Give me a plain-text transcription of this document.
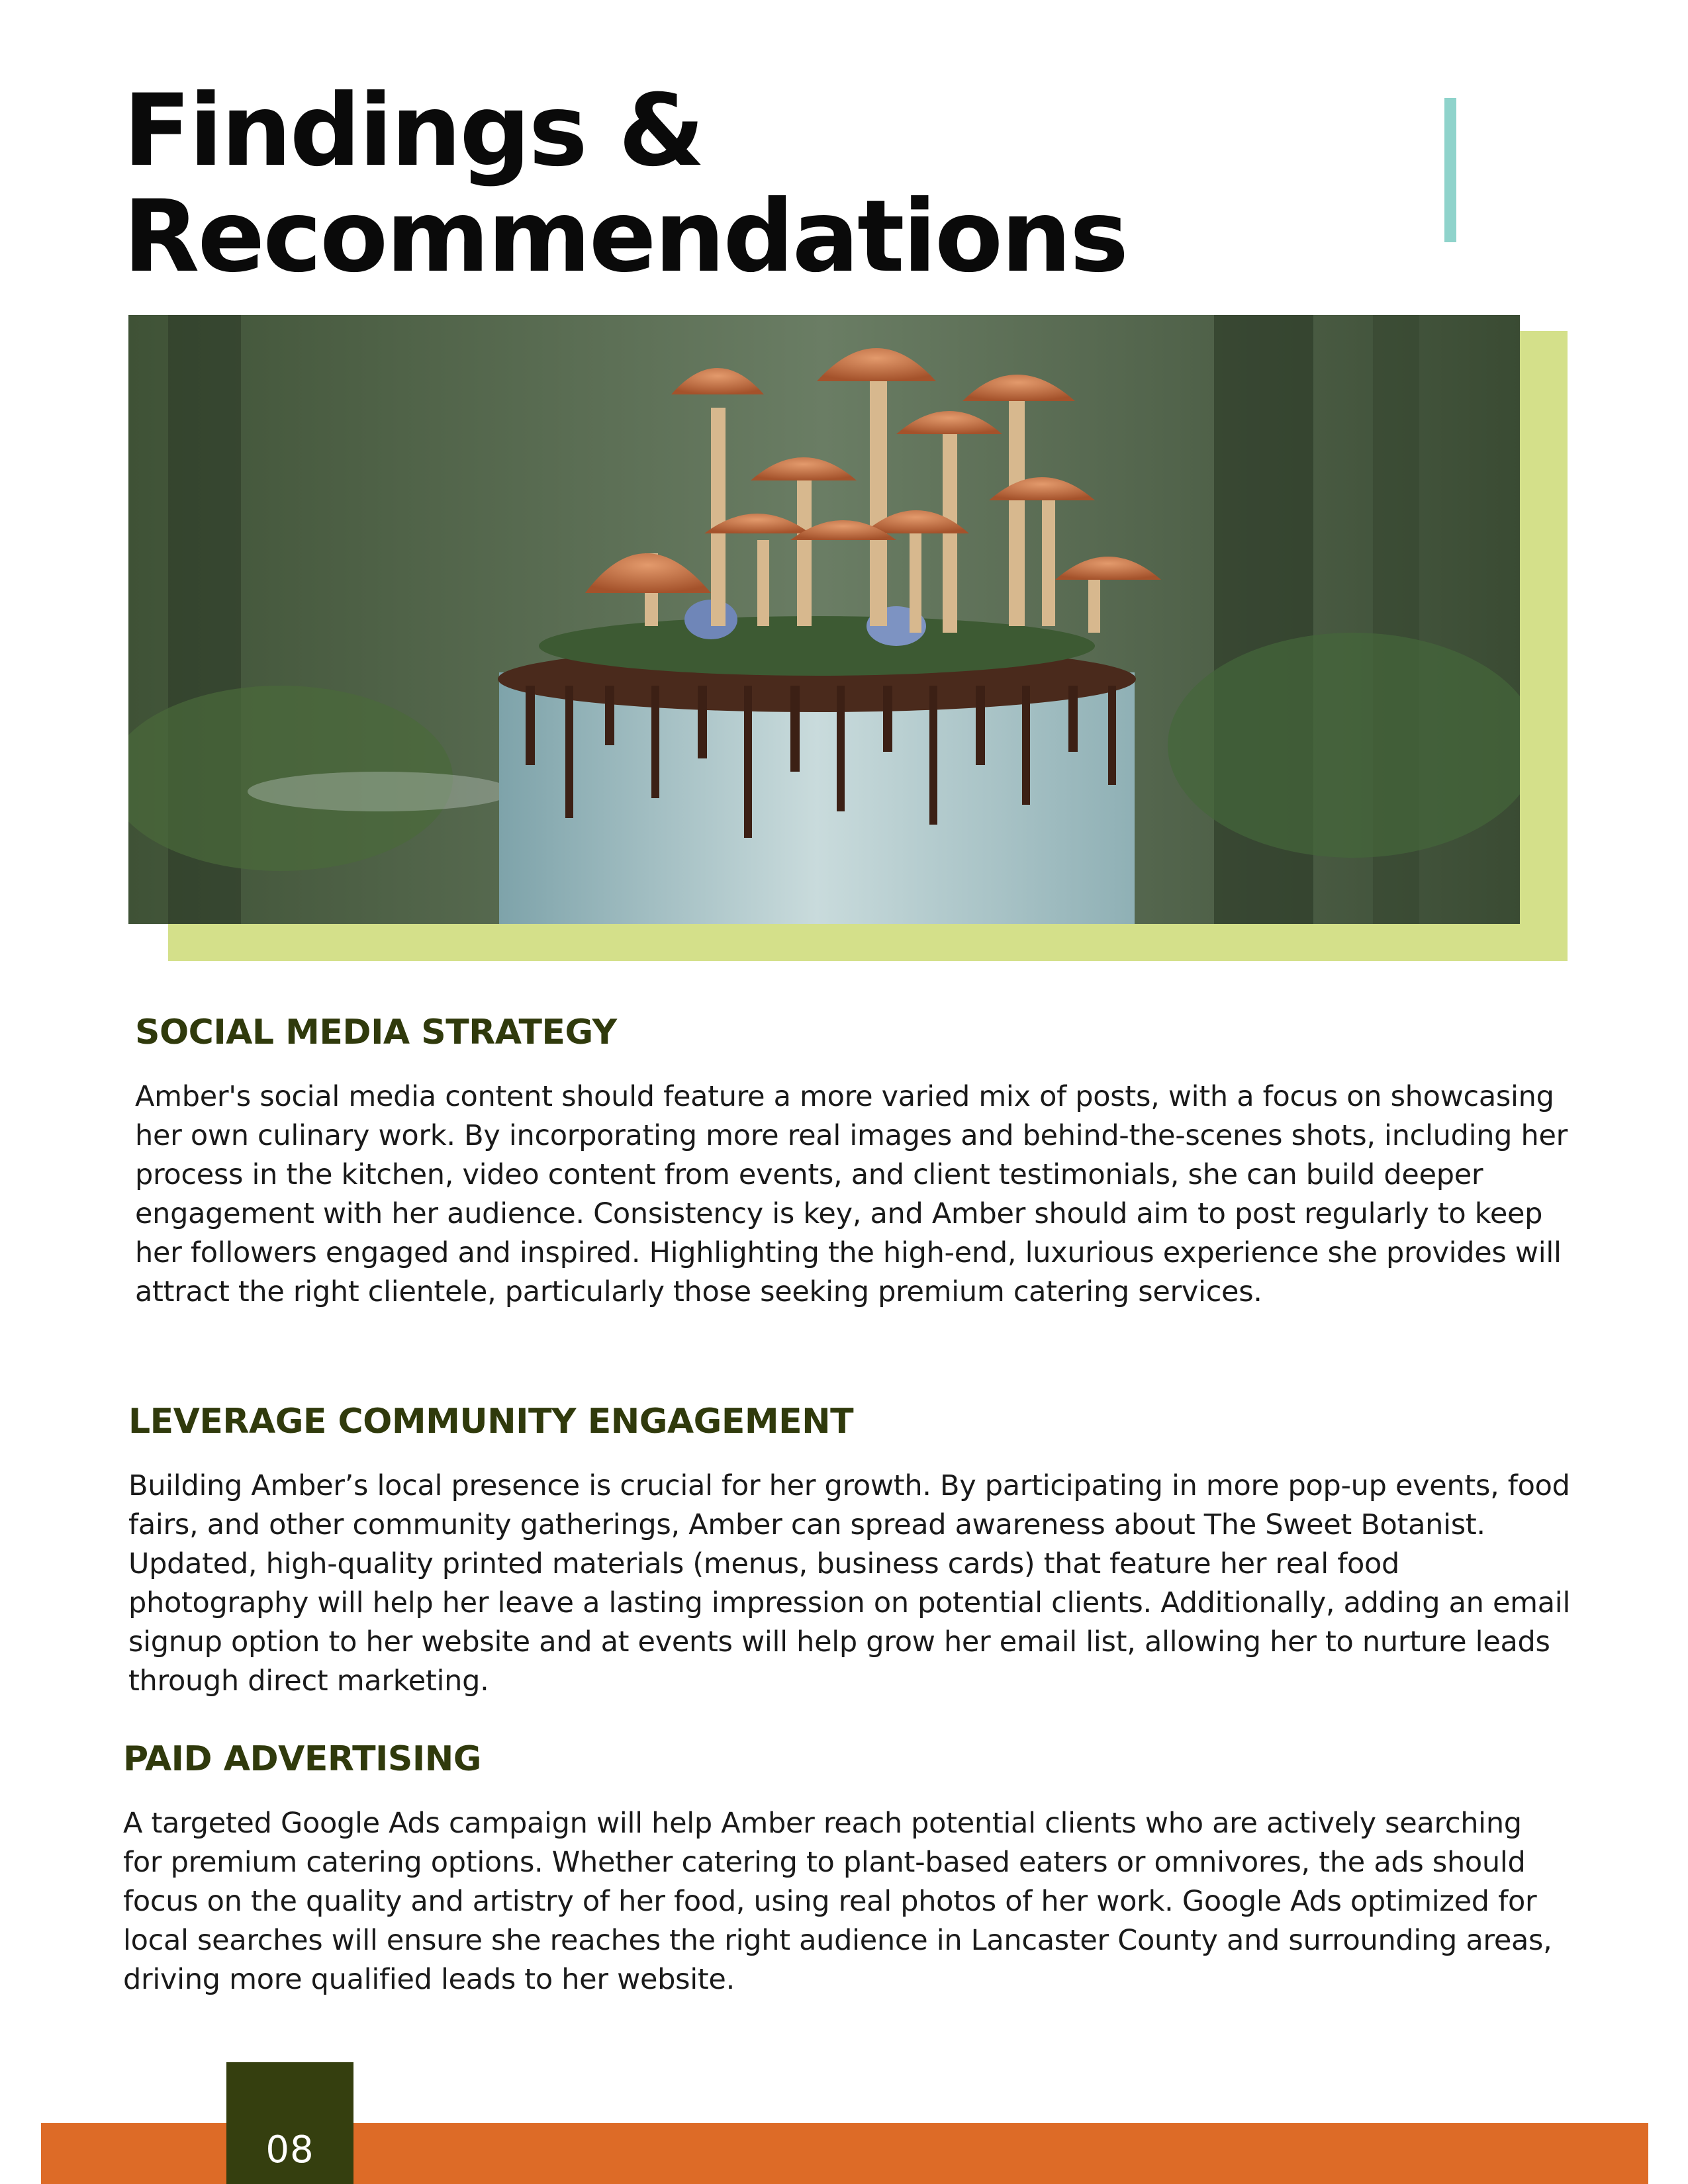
Findings & Recommendations
SOCIAL MEDIA STRATEGY

Amber's social media content should feature a more varied mix of posts, with a focus on showcasing her own culinary work. By incorporating more real images and behind-the-scenes shots, including her process in the kitchen, video content from events, and client testimonials, she can build deeper engagement with her audience. Consistency is key, and Amber should aim to post regularly to keep her followers engaged and inspired. Highlighting the high-end, luxurious experience she provides will attract the right clientele, particularly those seeking premium catering services.

LEVERAGE COMMUNITY ENGAGEMENT

Building Amber’s local presence is crucial for her growth. By participating in more pop-up events, food fairs, and other community gatherings, Amber can spread awareness about The Sweet Botanist. Updated, high-quality printed materials (menus, business cards) that feature her real food photography will help her leave a lasting impression on potential clients. Additionally, adding an email signup option to her website and at events will help grow her email list, allowing her to nurture leads through direct marketing.

PAID ADVERTISING

A targeted Google Ads campaign will help Amber reach potential clients who are actively searching for premium catering options. Whether catering to plant-based eaters or omnivores, the ads should focus on the quality and artistry of her food, using real photos of her work. Google Ads optimized for local searches will ensure she reaches the right audience in Lancaster County and surrounding areas, driving more qualified leads to her website.

08
